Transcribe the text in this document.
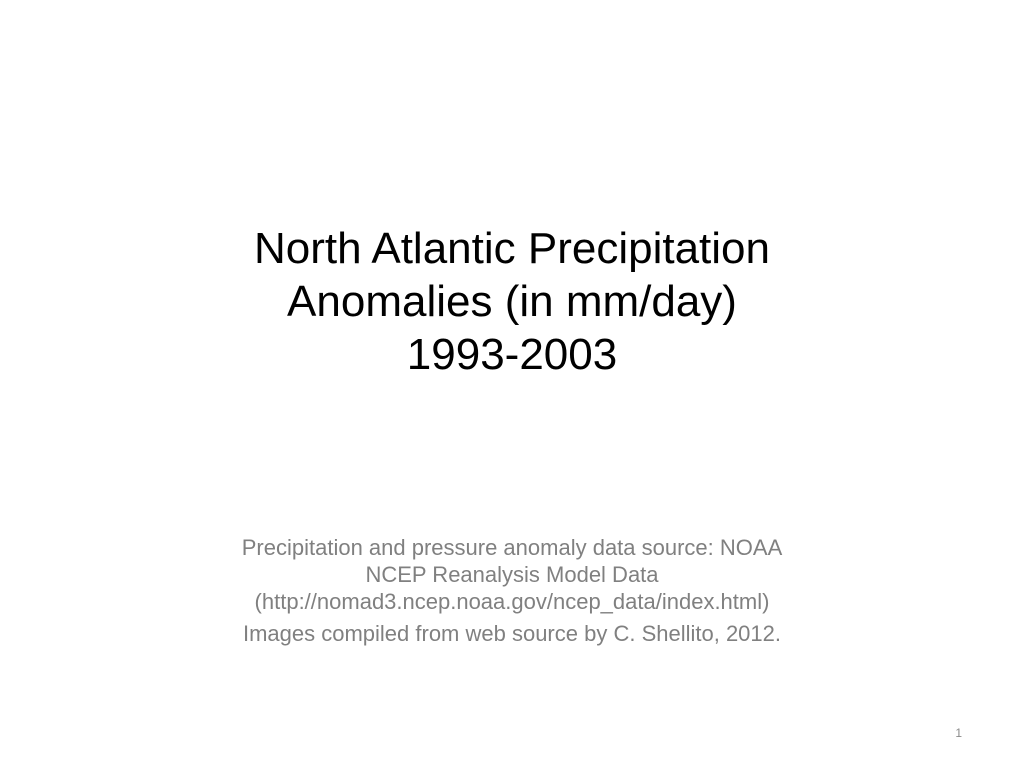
North Atlantic Precipitation
Anomalies (in mm/day)
1993-2003
Precipitation and pressure anomaly data source: NOAA
NCEP Reanalysis Model Data
(http://nomad3.ncep.noaa.gov/ncep_data/index.html)
Images compiled from web source by C. Shellito, 2012.
1
